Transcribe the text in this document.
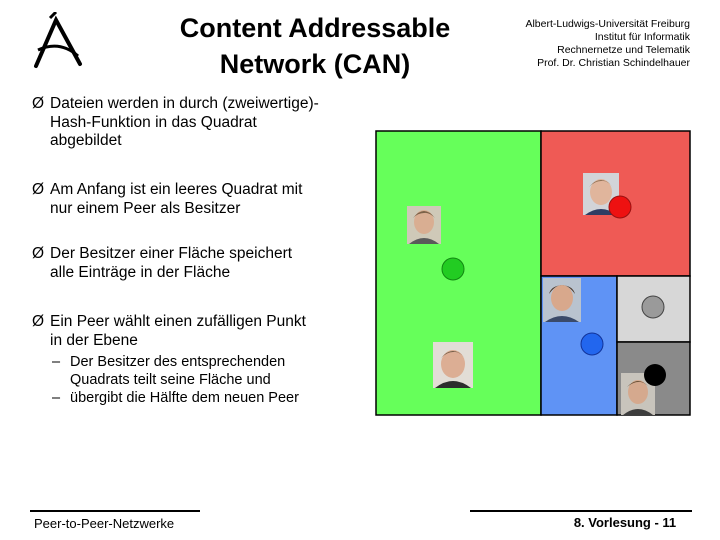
Content Addressable
Network (CAN)
Albert-Ludwigs-Universität Freiburg
Institut für Informatik
Rechnernetze und Telematik
Prof. Dr. Christian Schindelhauer
Ø Dateien werden in durch (zweiwertige)-
Hash-Funktion in das Quadrat
abgebildet
Ø Am Anfang ist ein leeres Quadrat mit
nur einem Peer als Besitzer
Ø Der Besitzer einer Fläche speichert
alle Einträge in der Fläche
Ø Ein Peer wählt einen zufälligen Punkt
in der Ebene
– Der Besitzer des entsprechenden
Quadrats teilt seine Fläche und
– übergibt die Hälfte dem neuen Peer
Peer-to-Peer-Netzwerke	8. Vorlesung - 11
